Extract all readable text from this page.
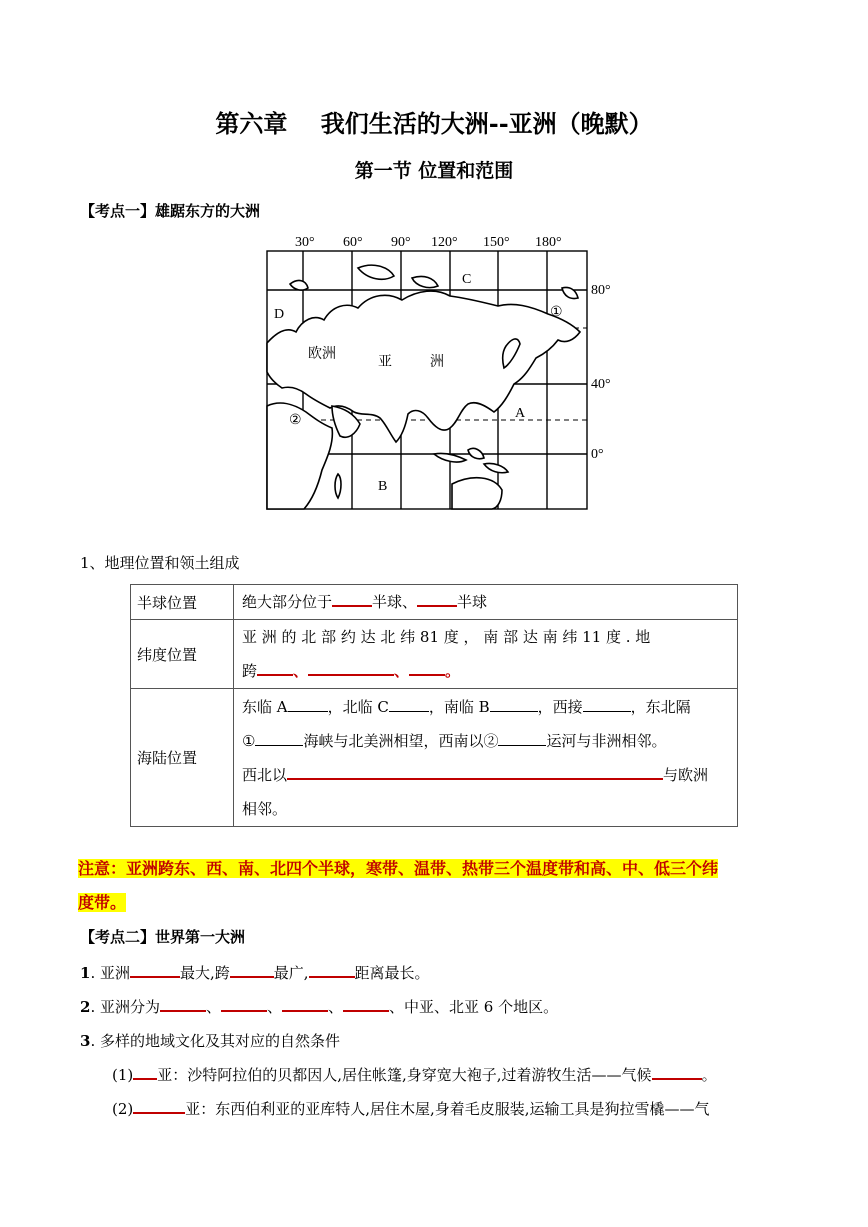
第六章    我们生活的大洲--亚洲（晚默）
第一节 位置和范围
【考点一】雄踞东方的大洲
30° 60° 90° 120° 150° 180°
80°
40°
0°
C
D
A
B
①
②
欧洲
亚	洲
1、地理位置和领土组成
半球位置	绝大部分位于 半球、 半球
纬度位置	亚 洲 的 北 部 约 达 北 纬 81 度 ， 南 部 达 南 纬 11 度 . 地
跨 、 、 。

海陆位置	东临 A ，北临 C ，南临 B ，西接 ，东北隔
① 海峡与北美洲相望，西南以② 运河与非洲相邻。
西北以 与欧洲
相邻。
注意：亚洲跨东、西、南、北四个半球，寒带、温带、热带三个温度带和高、中、低三个纬
度带。
【考点二】世界第一大洲
1. 亚洲	最大,跨	最广,	距离最长。
2. 亚洲分为	、	、	、	、中亚、北亚 6 个地区。
3. 多样的地域文化及其对应的自然条件
(1) 亚：沙特阿拉伯的贝都因人,居住帐篷,身穿宽大袍子,过着游牧生活——气候	。
(2)	亚：东西伯利亚的亚库特人,居住木屋,身着毛皮服装,运输工具是狗拉雪橇——气
